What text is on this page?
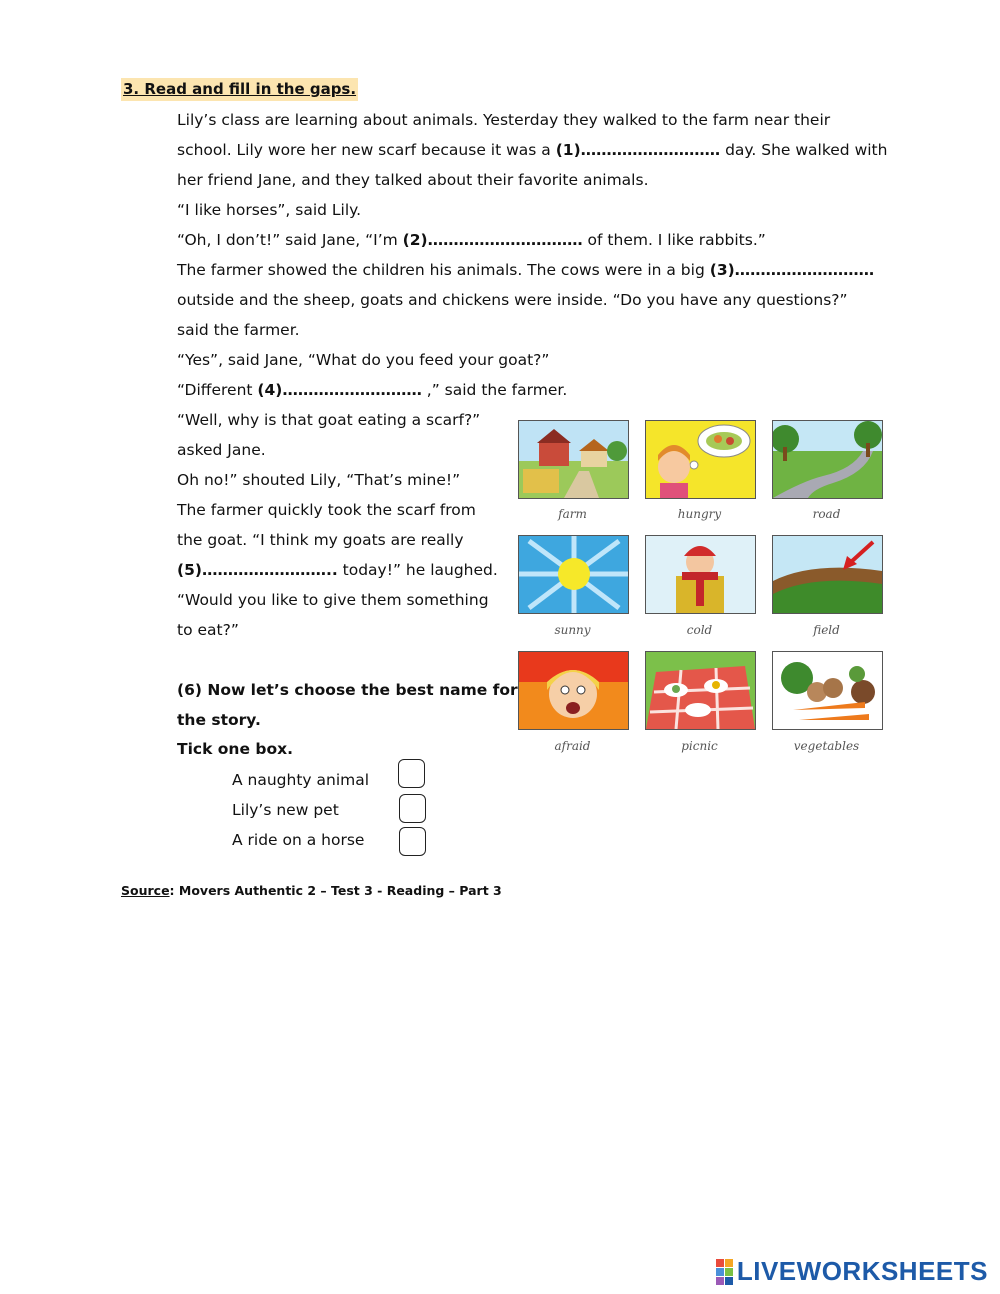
3. Read and fill in the gaps.
Lily’s class are learning about animals. Yesterday they walked to the farm near their
school. Lily wore her new scarf because it was a (1)……………………… day. She walked with
her friend Jane, and they talked about their favorite animals.
“I like horses”, said Lily.
“Oh, I don’t!” said Jane, “I’m (2)………………………… of them. I like rabbits.”
The farmer showed the children his animals. The cows were in a big (3)………………………
outside and the sheep, goats and chickens were inside. “Do you have any questions?”
said the farmer.
“Yes”, said Jane, “What do you feed your goat?”
“Different (4)……………………… ,” said the farmer.
“Well, why is that goat eating a scarf?”
asked Jane.
Oh no!” shouted Lily, “That’s mine!”
The farmer quickly took the scarf from
the goat. “I think my goats are really
(5)…………………….. today!” he laughed.
“Would you like to give them something
to eat?”
(6) Now let’s choose the best name for
the story.
Tick one box.
A naughty animal
Lily’s new pet
A ride on a horse
farm	hungry	road
sunny	cold	field
afraid	picnic	vegetables
Source: Movers Authentic 2 – Test 3 - Reading – Part 3
LIVEWORKSHEETS
